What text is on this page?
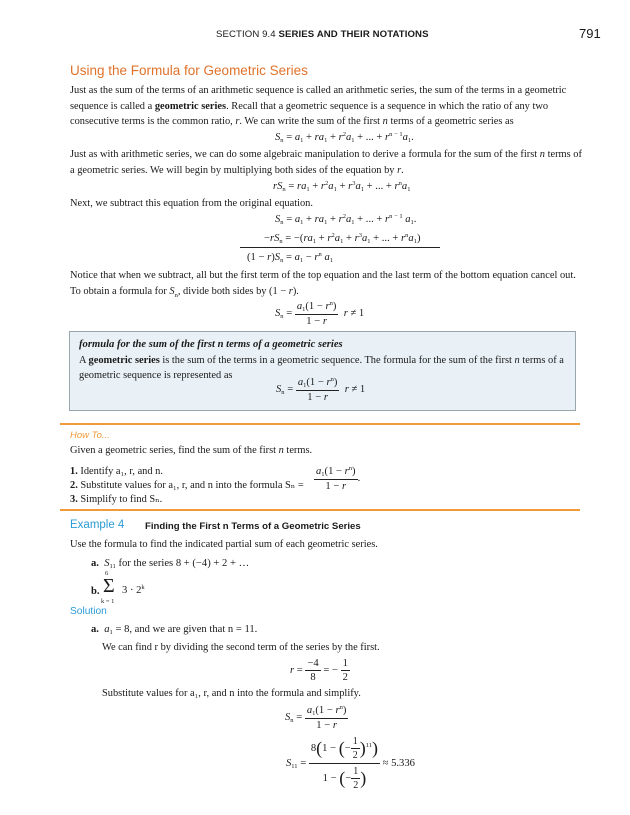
SECTION 9.4 SERIES AND THEIR NOTATIONS	791
Using the Formula for Geometric Series
Just as the sum of the terms of an arithmetic sequence is called an arithmetic series, the sum of the terms in a geometric sequence is called a geometric series. Recall that a geometric sequence is a sequence in which the ratio of any two consecutive terms is the common ratio, r. We can write the sum of the first n terms of a geometric series as
$S_n = a_1 + ra_1 + r^2a_1$ + ... + $r^{n - 1}a_1$.
Just as with arithmetic series, we can do some algebraic manipulation to derive a formula for the sum of the first n terms of a geometric series. We will begin by multiplying both sides of the equation by r.
$rS_n = ra_1 + r^2a_1 + r^3a_1$ + ... + $r^na_1$
Next, we subtract this equation from the original equation.
$S_n = a_1 + ra_1 + r^2a_1$ + ... + $r^{n - 1}$ $a_1$.
$-rS_n = -(ra_1 + r^2a_1 + r^3a_1$ + ... + $r^na_1$)
$(1 - r)S_n = a_1 - r^n$ $a_1$
Notice that when we subtract, all but the first term of the top equation and the last term of the bottom equation cancel out. To obtain a formula for $S_n$, divide both sides by (1 − r).
$S_n = \frac{a_1(1 - r^n)}{1 - r}$ r ≠ 1
formula for the sum of the first n terms of a geometric series
A geometric series is the sum of the terms in a geometric sequence. The formula for the sum of the first n terms of a geometric sequence is represented as
$S_n = \frac{a_1(1 - r^n)}{1 - r}$ r ≠ 1
How To...
Given a geometric series, find the sum of the first n terms.
1. Identify a₁, r, and n.
2. Substitute values for a₁, r, and n into the formula $S_n = \frac{a_1(1 - r^n)}{1 - r}$ .
3. Simplify to find Sₙ.
Example 4 Finding the First n Terms of a Geometric Series
Use the formula to find the indicated partial sum of each geometric series.
a. $S_{11}$ for the series 8 + (−4) + 2 + …
b.
6
Σ $3 \cdot 2^k$
k = 1
Solution
a. $a_1 = 8$, and we are given that n = 11.
We can find r by dividing the second term of the series by the first.
$r = \frac{-4}{8}$ = − $\frac{1}{2}$
Substitute values for a₁, r, and n into the formula and simplify.
$S_n = \frac{a_1(1 - r^n)}{1 - r}$
$S_{11} = \frac{8(1 - (- \frac{1}{2} )^{11})}{1 - (- \frac{1}{2} )} \approx 5.336$
